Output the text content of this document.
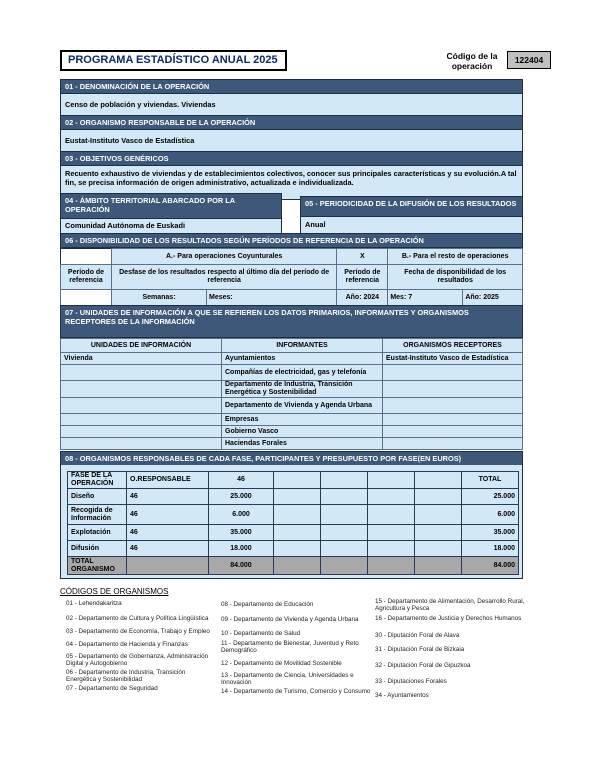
PROGRAMA ESTADÍSTICO ANUAL 2025	Código de la operación
122404
01 - DENOMINACIÓN DE LA OPERACIÓN
Censo de población y viviendas. Viviendas
02 - ORGANISMO RESPONSABLE DE LA OPERACIÓN
Eustat-Instituto Vasco de Estadística
03 - OBJETIVOS GENÉRICOS
Recuento exhaustivo de viviendas y de establecimientos colectivos, conocer sus principales características y su evolución.A tal fin, se precisa información de origen administrativo, actualizada e individualizada.
04 - ÁMBITO TERRITORIAL ABARCADO POR LA OPERACIÓN
Comunidad Autónoma de Euskadi
05 - PERIODICIDAD DE LA DIFUSIÓN DE LOS RESULTADOS
Anual
06 - DISPONIBILIDAD DE LOS RESULTADOS SEGÚN PERÍODOS DE REFERENCIA DE LA OPERACIÓN
	A.- Para operaciones Coyunturales		X	B.- Para el resto de operaciones	
Período de referencia	Desfase de los resultados respecto al último día del período de referencia		Período de referencia	Fecha de disponibilidad de los resultados	
	Semanas:	Meses:	Año: 2024	Mes: 7	Año: 2025
07 - UNIDADES DE INFORMACIÓN A QUE SE REFIEREN LOS DATOS PRIMARIOS, INFORMANTES Y ORGANISMOS RECEPTORES DE LA INFORMACIÓN
UNIDADES DE INFORMACIÓN	INFORMANTES	ORGANISMOS RECEPTORES
Vivienda	Ayuntamientos	Eustat-Instituto Vasco de Estadística
	Compañías de electricidad, gas y telefonía	
	Departamento de Industria, Transición Energética y Sostenibilidad	
	Departamento de Vivienda y Agenda Urbana	
	Empresas	
	Gobierno Vasco	
	Haciendas Forales	
08 - ORGANISMOS RESPONSABLES DE CADA FASE, PARTICIPANTES Y PRESUPUESTO POR FASE(EN EUROS)
FASE DE LA OPERACIÓN	O.RESPONSABLE	46					TOTAL
Diseño	46	25.000					25.000
Recogida de Información	46	6.000					6.000
Explotación	46	35.000					35.000
Difusión	46	18.000					18.000
TOTAL ORGANISMO		84.000					84.000
CÓDIGOS DE ORGANISMOS
01 - Lehendakaritza
02 - Departamento de Cultura y Política Lingüística
03 - Departamento de Economía, Trabajo y Empleo
04 - Departamento de Hacienda y Finanzas
05 - Departamento de Gobernanza, Administración Digital y Autogobierno
06 - Departamento de Industria, Transición Energética y Sostenibilidad
07 - Departamento de Seguridad
08 - Departamento de Educación
09 - Departamento de Vivienda y Agenda Urbana
10 - Departamento de Salud
11 - Departamento de Bienestar, Juventud y Reto Demográfico
12 - Departamento de Movilidad Sostenible
13 - Departamento de Ciencia, Universidades e Innovación
14 - Departamento de Turismo, Comercio y Consumo
15 - Departamento de Alimentación, Desarrollo Rural, Agricultura y Pesca
16 - Departamento de Justicia y Derechos Humanos
30 - Diputación Foral de Alava
31 - Diputación Foral de Bizkaia
32 - Diputación Foral de Gipuzkoa
33 - Diputaciones Forales
34 - Ayuntamientos
